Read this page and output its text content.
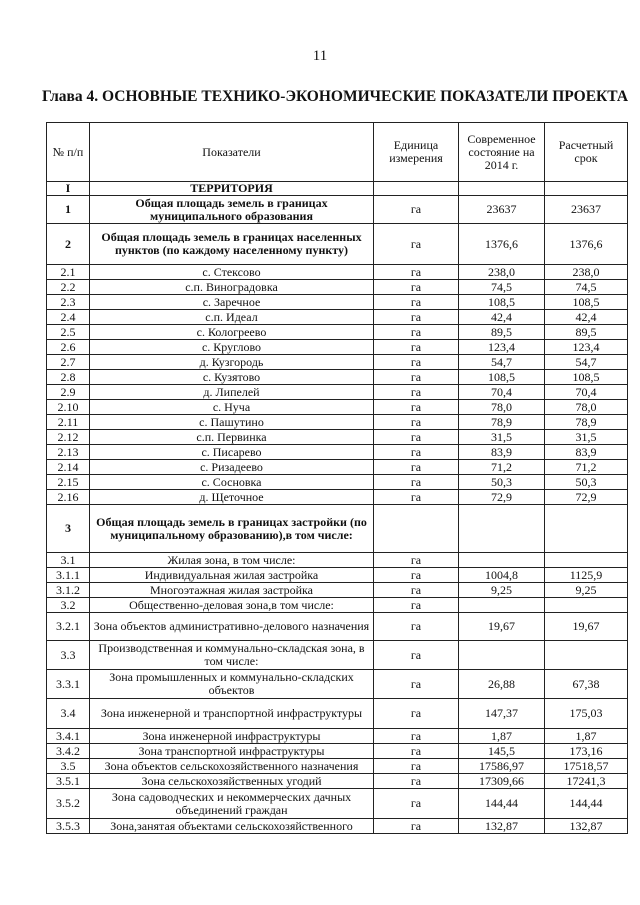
11
Глава 4. ОСНОВНЫЕ ТЕХНИКО-ЭКОНОМИЧЕСКИЕ ПОКАЗАТЕЛИ ПРОЕКТА
№ п/п	Показатели	Единица измерения	Современное состояние на 2014 г.	Расчетный срок
I	ТЕРРИТОРИЯ			
1	Общая площадь земель в границах муниципального образования	га	23637	23637
2	Общая площадь земель в границах населенных пунктов (по каждому населенному пункту)	га	1376,6	1376,6
2.1	с. Стексово	га	238,0	238,0
2.2	с.п. Виноградовка	га	74,5	74,5
2.3	с. Заречное	га	108,5	108,5
2.4	с.п. Идеал	га	42,4	42,4
2.5	с. Кологреево	га	89,5	89,5
2.6	с. Круглово	га	123,4	123,4
2.7	д. Кузгородь	га	54,7	54,7
2.8	с. Кузятово	га	108,5	108,5
2.9	д. Липелей	га	70,4	70,4
2.10	с. Нуча	га	78,0	78,0
2.11	с. Пашутино	га	78,9	78,9
2.12	с.п. Первинка	га	31,5	31,5
2.13	с. Писарево	га	83,9	83,9
2.14	с. Ризадеево	га	71,2	71,2
2.15	с. Сосновка	га	50,3	50,3
2.16	д. Щеточное	га	72,9	72,9
3	Общая площадь земель в границах застройки (по муниципальному образованию),в том числе:			
3.1	Жилая зона, в том числе:	га		
3.1.1	Индивидуальная жилая застройка	га	1004,8	1125,9
3.1.2	Многоэтажная жилая застройка	га	9,25	9,25
3.2	Общественно-деловая зона,в том числе:	га		
3.2.1	Зона объектов административно-делового назначения	га	19,67	19,67
3.3	Производственная и коммунально-складская зона, в том числе:	га		
3.3.1	Зона промышленных и коммунально-складских объектов	га	26,88	67,38
3.4	Зона инженерной и транспортной инфраструктуры	га	147,37	175,03
3.4.1	Зона инженерной инфраструктуры	га	1,87	1,87
3.4.2	Зона транспортной инфраструктуры	га	145,5	173,16
3.5	Зона объектов сельскохозяйственного назначения	га	17586,97	17518,57
3.5.1	Зона сельскохозяйственных угодий	га	17309,66	17241,3
3.5.2	Зона садоводческих и некоммерческих дачных объединений граждан	га	144,44	144,44
3.5.3	Зона,занятая объектами сельскохозяйственного	га	132,87	132,87
